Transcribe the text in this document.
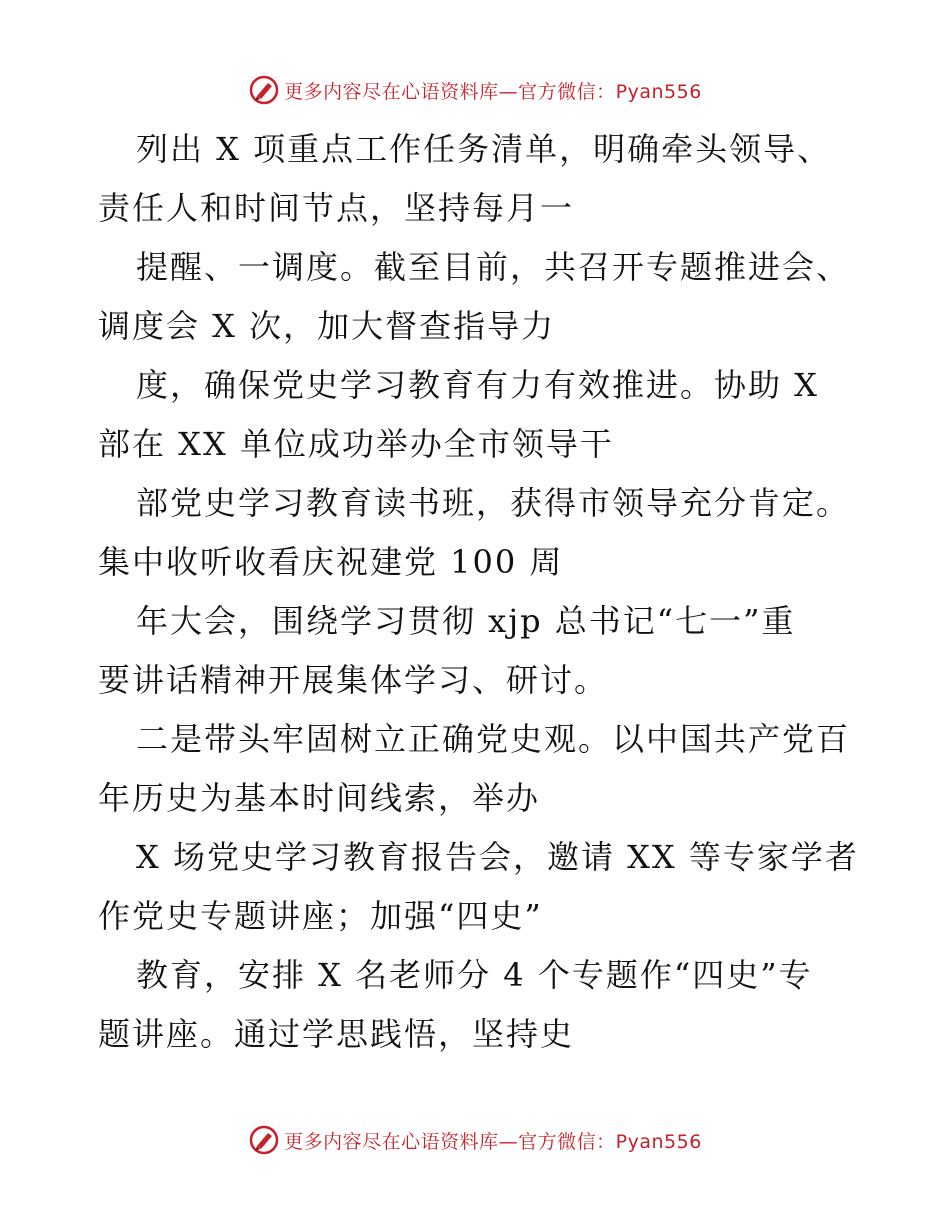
更多内容尽在心语资料库—官方微信：Pyan556
列出 X 项重点工作任务清单，明确牵头领导、
责任人和时间节点，坚持每月一
提醒、一调度。截至目前，共召开专题推进会、
调度会 X 次，加大督查指导力
度，确保党史学习教育有力有效推进。协助 X
部在 XX 单位成功举办全市领导干
部党史学习教育读书班，获得市领导充分肯定。
集中收听收看庆祝建党 100 周
年大会，围绕学习贯彻 xjp 总书记“七一”重
要讲话精神开展集体学习、研讨。
二是带头牢固树立正确党史观。以中国共产党百
年历史为基本时间线索，举办
X 场党史学习教育报告会，邀请 XX 等专家学者
作党史专题讲座；加强“四史”
教育，安排 X 名老师分 4 个专题作“四史”专
题讲座。通过学思践悟，坚持史
更多内容尽在心语资料库—官方微信：Pyan556
